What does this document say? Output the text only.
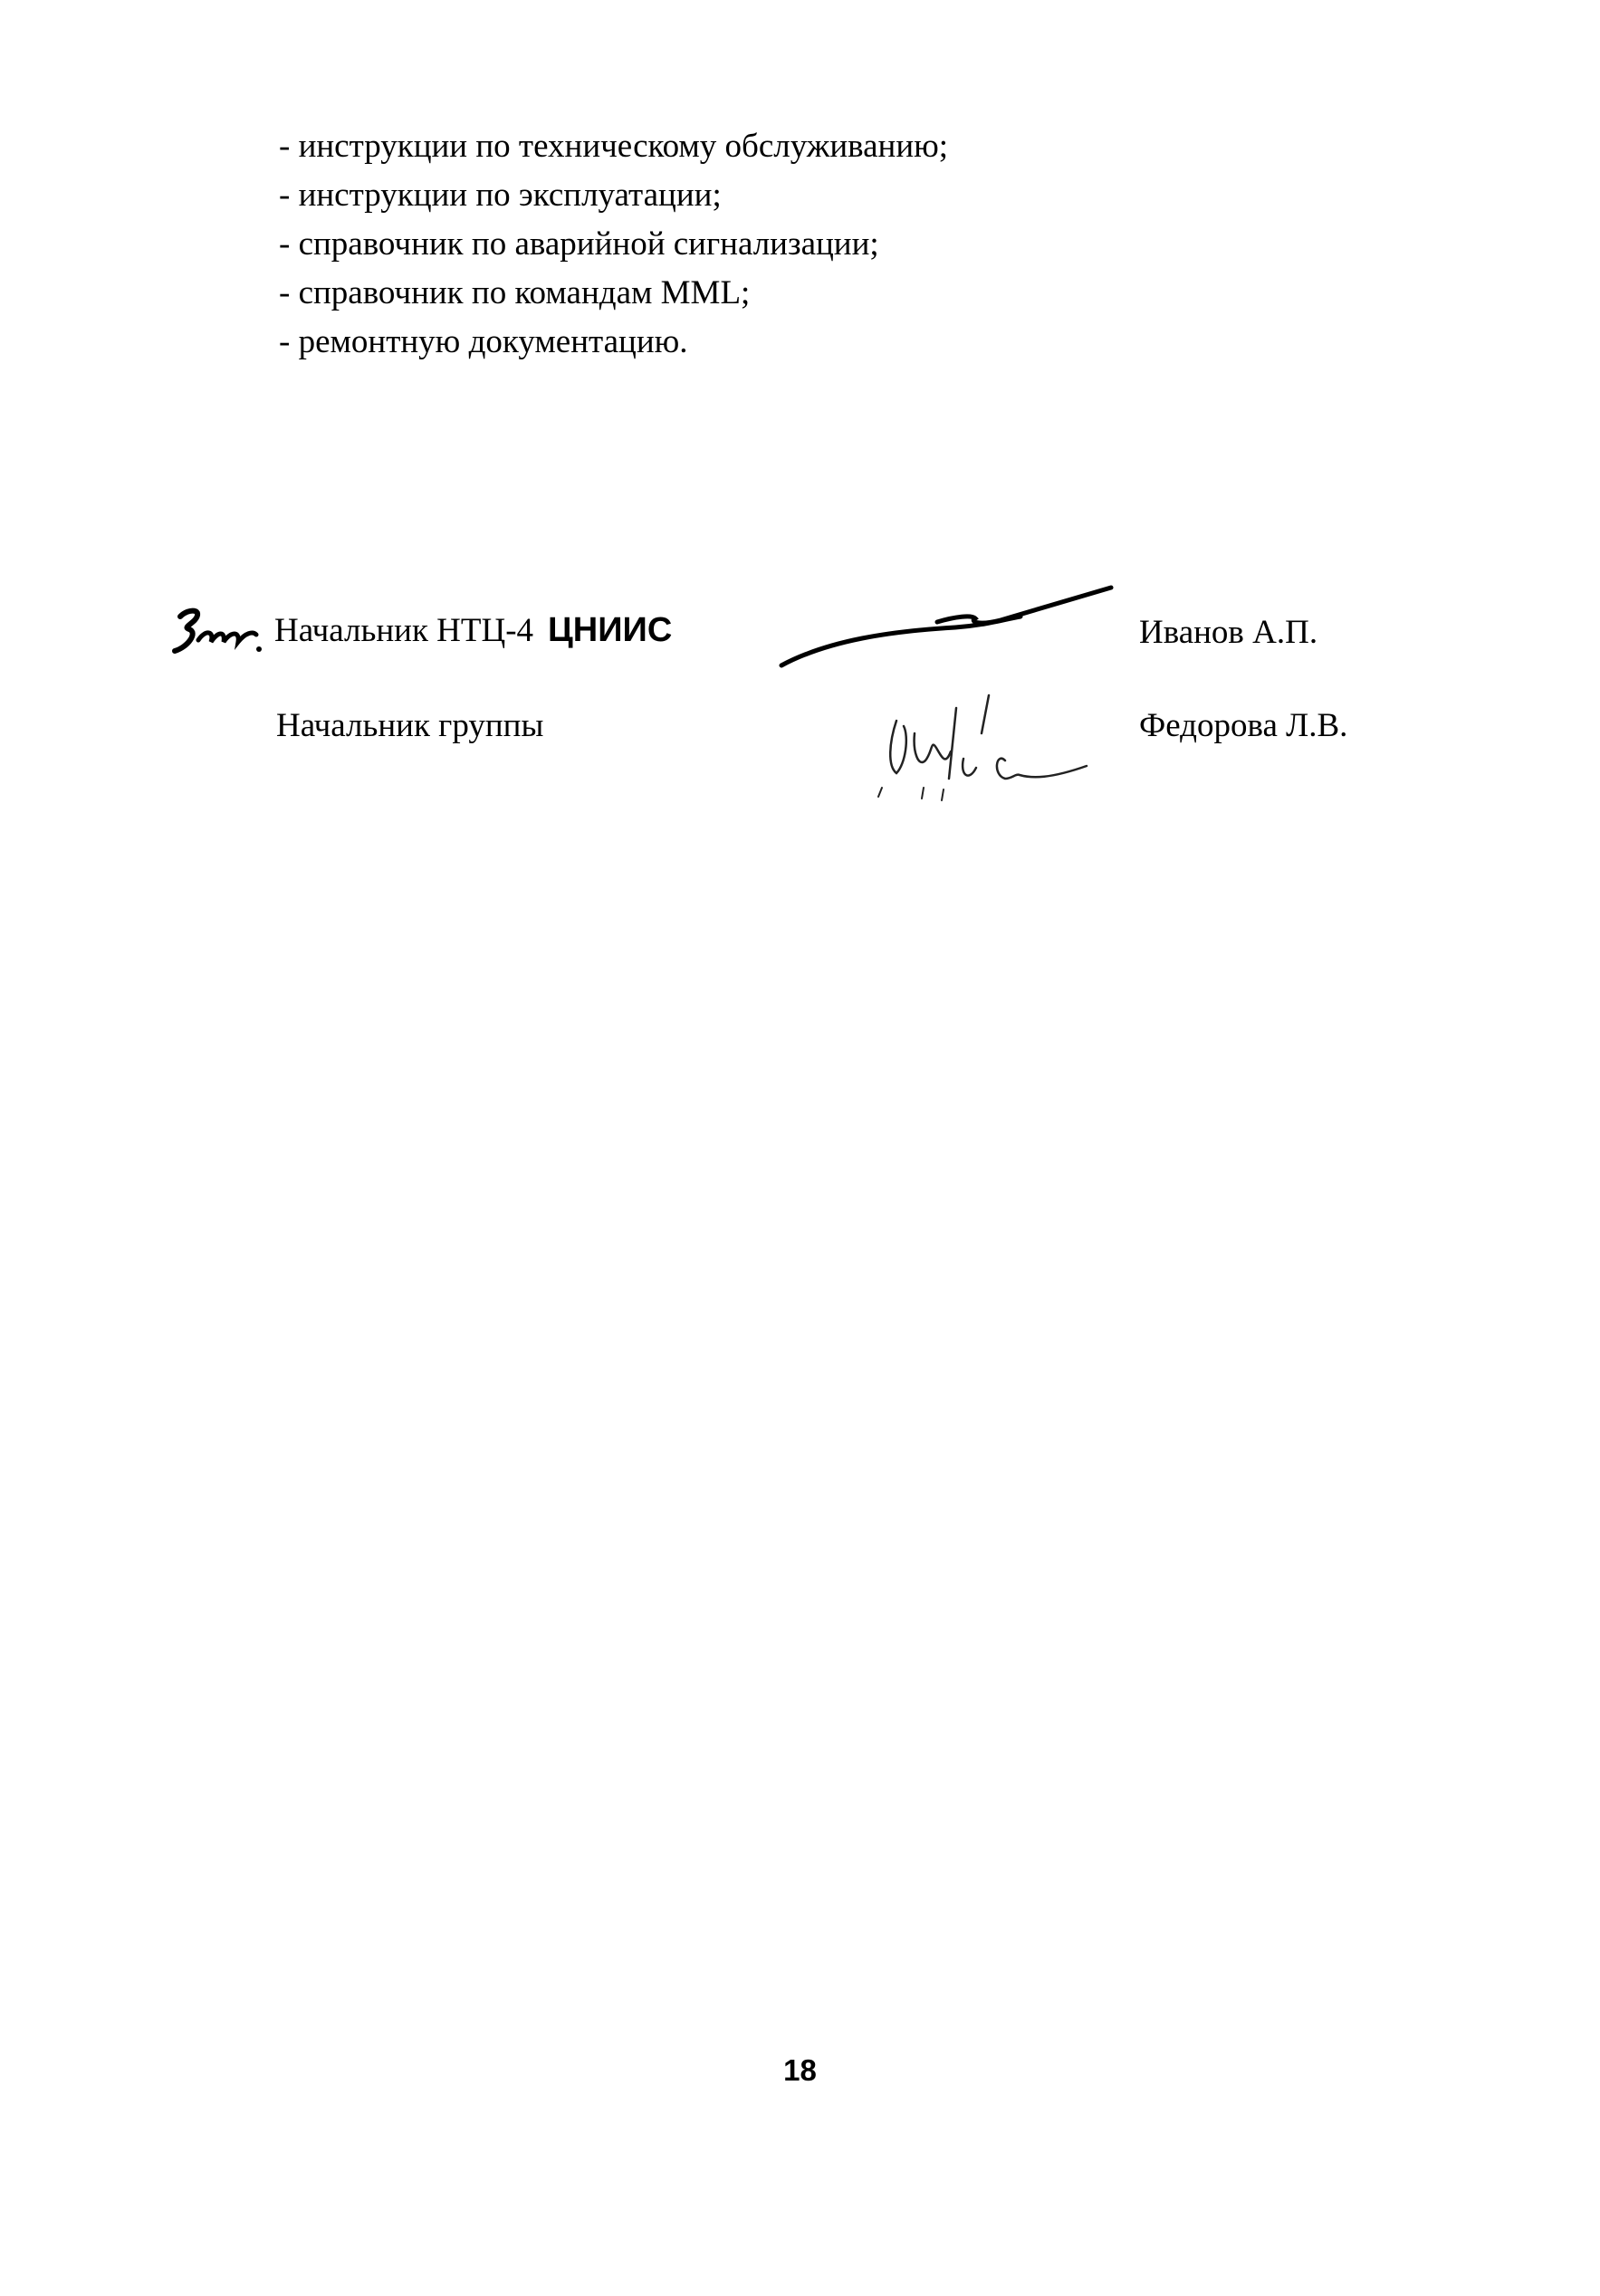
- инструкции по техническому обслуживанию;
- инструкции по эксплуатации;
- справочник по аварийной сигнализации;
- справочник по командам MML;
- ремонтную документацию.
Начальник НТЦ-4 ЦНИИС	Иванов А.П.
Начальник группы	Федорова Л.В.
18
